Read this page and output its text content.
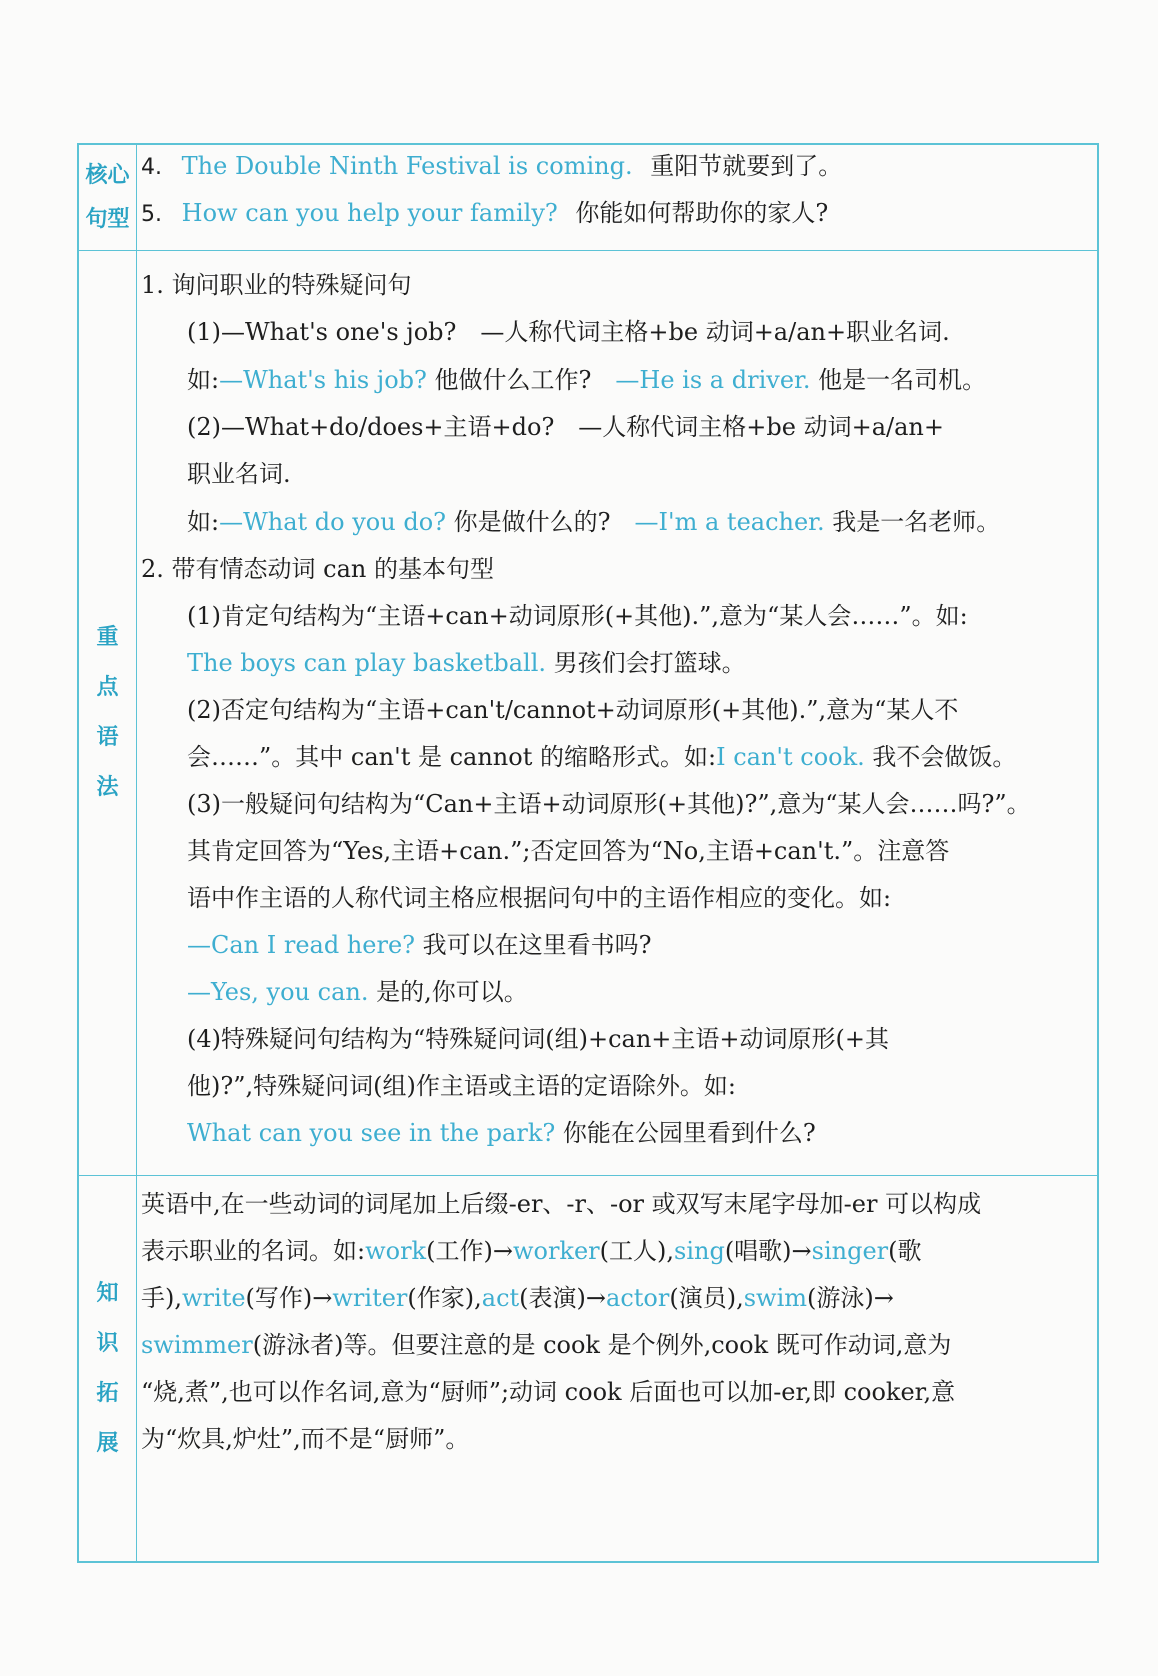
核心
句型
4. The Double Ninth Festival is coming. 重阳节就要到了。
5. How can you help your family? 你能如何帮助你的家人?
重
点
语
法
1. 询问职业的特殊疑问句
(1)—What's one's job?　—人称代词主格+be 动词+a/an+职业名词.
如:—What's his job? 他做什么工作?　—He is a driver. 他是一名司机。
(2)—What+do/does+主语+do?　—人称代词主格+be 动词+a/an+
职业名词.
如:—What do you do? 你是做什么的?　—I'm a teacher. 我是一名老师。
2. 带有情态动词 can 的基本句型
(1)肯定句结构为“主语+can+动词原形(+其他).”,意为“某人会……”。如:
The boys can play basketball. 男孩们会打篮球。
(2)否定句结构为“主语+can't/cannot+动词原形(+其他).”,意为“某人不
会……”。其中 can't 是 cannot 的缩略形式。如:I can't cook. 我不会做饭。
(3)一般疑问句结构为“Can+主语+动词原形(+其他)?”,意为“某人会……吗?”。
其肯定回答为“Yes,主语+can.”;否定回答为“No,主语+can't.”。注意答
语中作主语的人称代词主格应根据问句中的主语作相应的变化。如:
—Can I read here? 我可以在这里看书吗?
—Yes, you can. 是的,你可以。
(4)特殊疑问句结构为“特殊疑问词(组)+can+主语+动词原形(+其
他)?”,特殊疑问词(组)作主语或主语的定语除外。如:
What can you see in the park? 你能在公园里看到什么?
知
识
拓
展
英语中,在一些动词的词尾加上后缀-er、-r、-or 或双写末尾字母加-er 可以构成
表示职业的名词。如:work(工作)→worker(工人),sing(唱歌)→singer(歌
手),write(写作)→writer(作家),act(表演)→actor(演员),swim(游泳)→
swimmer(游泳者)等。但要注意的是 cook 是个例外,cook 既可作动词,意为
“烧,煮”,也可以作名词,意为“厨师”;动词 cook 后面也可以加-er,即 cooker,意
为“炊具,炉灶”,而不是“厨师”。
